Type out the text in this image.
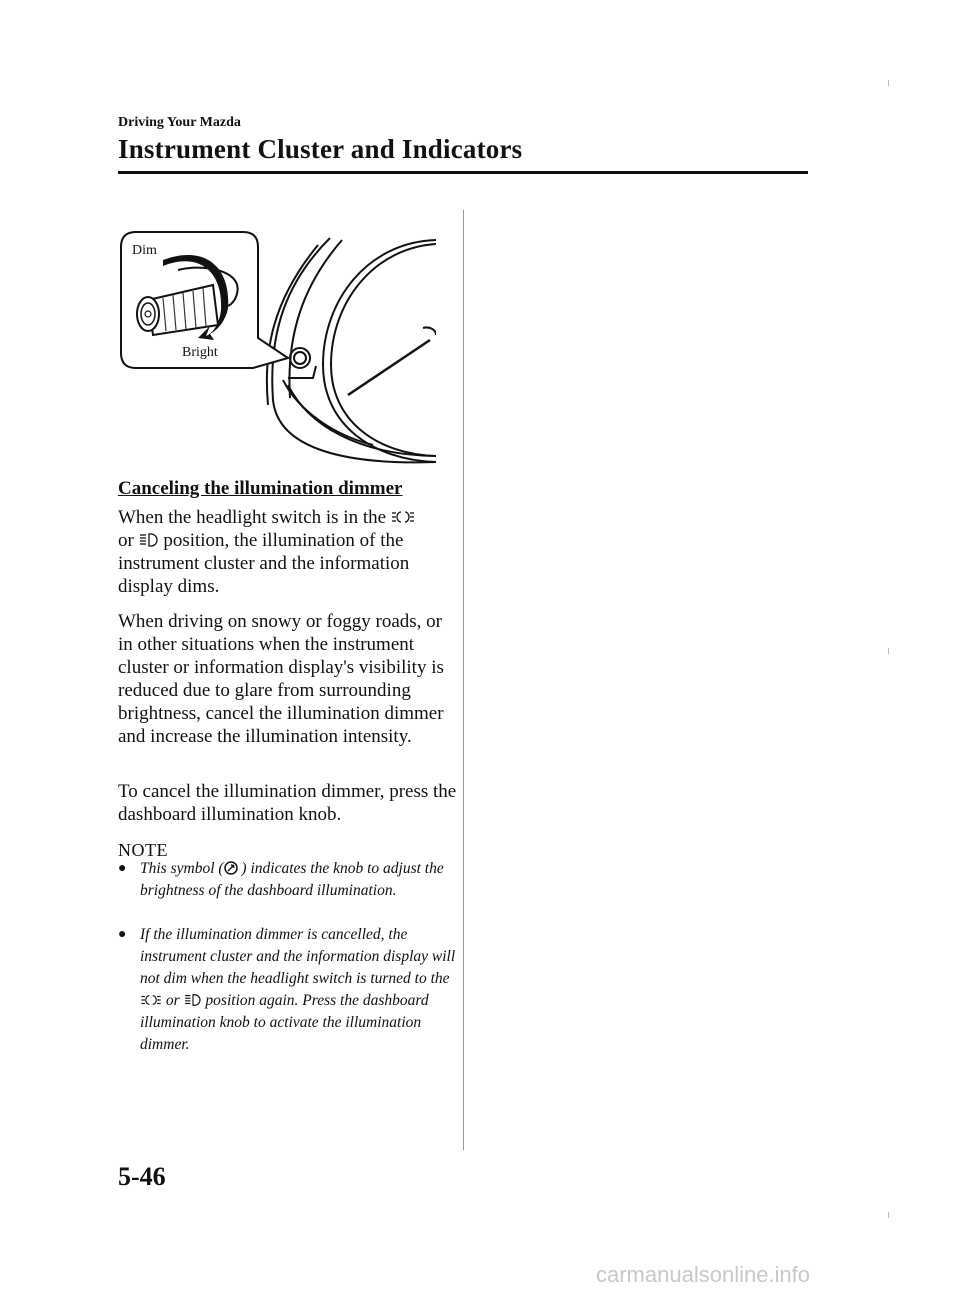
Driving Your Mazda
Instrument Cluster and Indicators
Dim
Bright
Canceling the illumination dimmer
When the headlight switch is in the
or position, the illumination of the instrument cluster and the information display dims.
When driving on snowy or foggy roads, or in other situations when the instrument cluster or information display's visibility is reduced due to glare from surrounding brightness, cancel the illumination dimmer and increase the illumination intensity.
To cancel the illumination dimmer, press the dashboard illumination knob.
NOTE
● This symbol ( ) indicates the knob to adjust the brightness of the dashboard illumination.
● If the illumination dimmer is cancelled, the instrument cluster and the information display will not dim when the headlight switch is turned to the  or position again. Press the dashboard illumination knob to activate the illumination dimmer.
5-46
carmanualsonline.info
